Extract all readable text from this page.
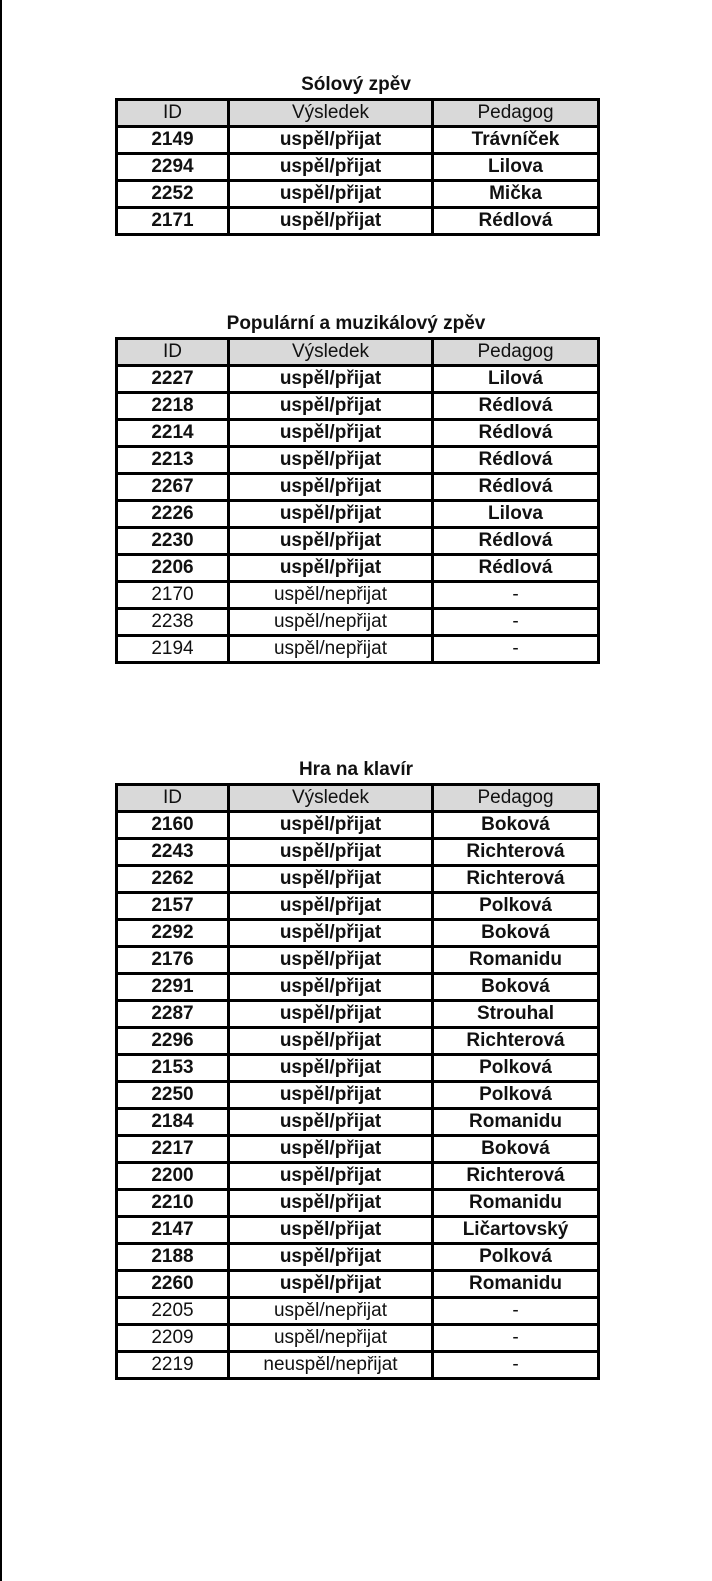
Sólový zpěv
ID	Výsledek	Pedagog
2149	uspěl/přijat	Trávníček
2294	uspěl/přijat	Lilova
2252	uspěl/přijat	Mička
2171	uspěl/přijat	Rédlová
Populární a muzikálový zpěv
ID	Výsledek	Pedagog
2227	uspěl/přijat	Lilová
2218	uspěl/přijat	Rédlová
2214	uspěl/přijat	Rédlová
2213	uspěl/přijat	Rédlová
2267	uspěl/přijat	Rédlová
2226	uspěl/přijat	Lilova
2230	uspěl/přijat	Rédlová
2206	uspěl/přijat	Rédlová
2170	uspěl/nepřijat	-
2238	uspěl/nepřijat	-
2194	uspěl/nepřijat	-
Hra na klavír
ID	Výsledek	Pedagog
2160	uspěl/přijat	Boková
2243	uspěl/přijat	Richterová
2262	uspěl/přijat	Richterová
2157	uspěl/přijat	Polková
2292	uspěl/přijat	Boková
2176	uspěl/přijat	Romanidu
2291	uspěl/přijat	Boková
2287	uspěl/přijat	Strouhal
2296	uspěl/přijat	Richterová
2153	uspěl/přijat	Polková
2250	uspěl/přijat	Polková
2184	uspěl/přijat	Romanidu
2217	uspěl/přijat	Boková
2200	uspěl/přijat	Richterová
2210	uspěl/přijat	Romanidu
2147	uspěl/přijat	Ličartovský
2188	uspěl/přijat	Polková
2260	uspěl/přijat	Romanidu
2205	uspěl/nepřijat	-
2209	uspěl/nepřijat	-
2219	neuspěl/nepřijat	-
